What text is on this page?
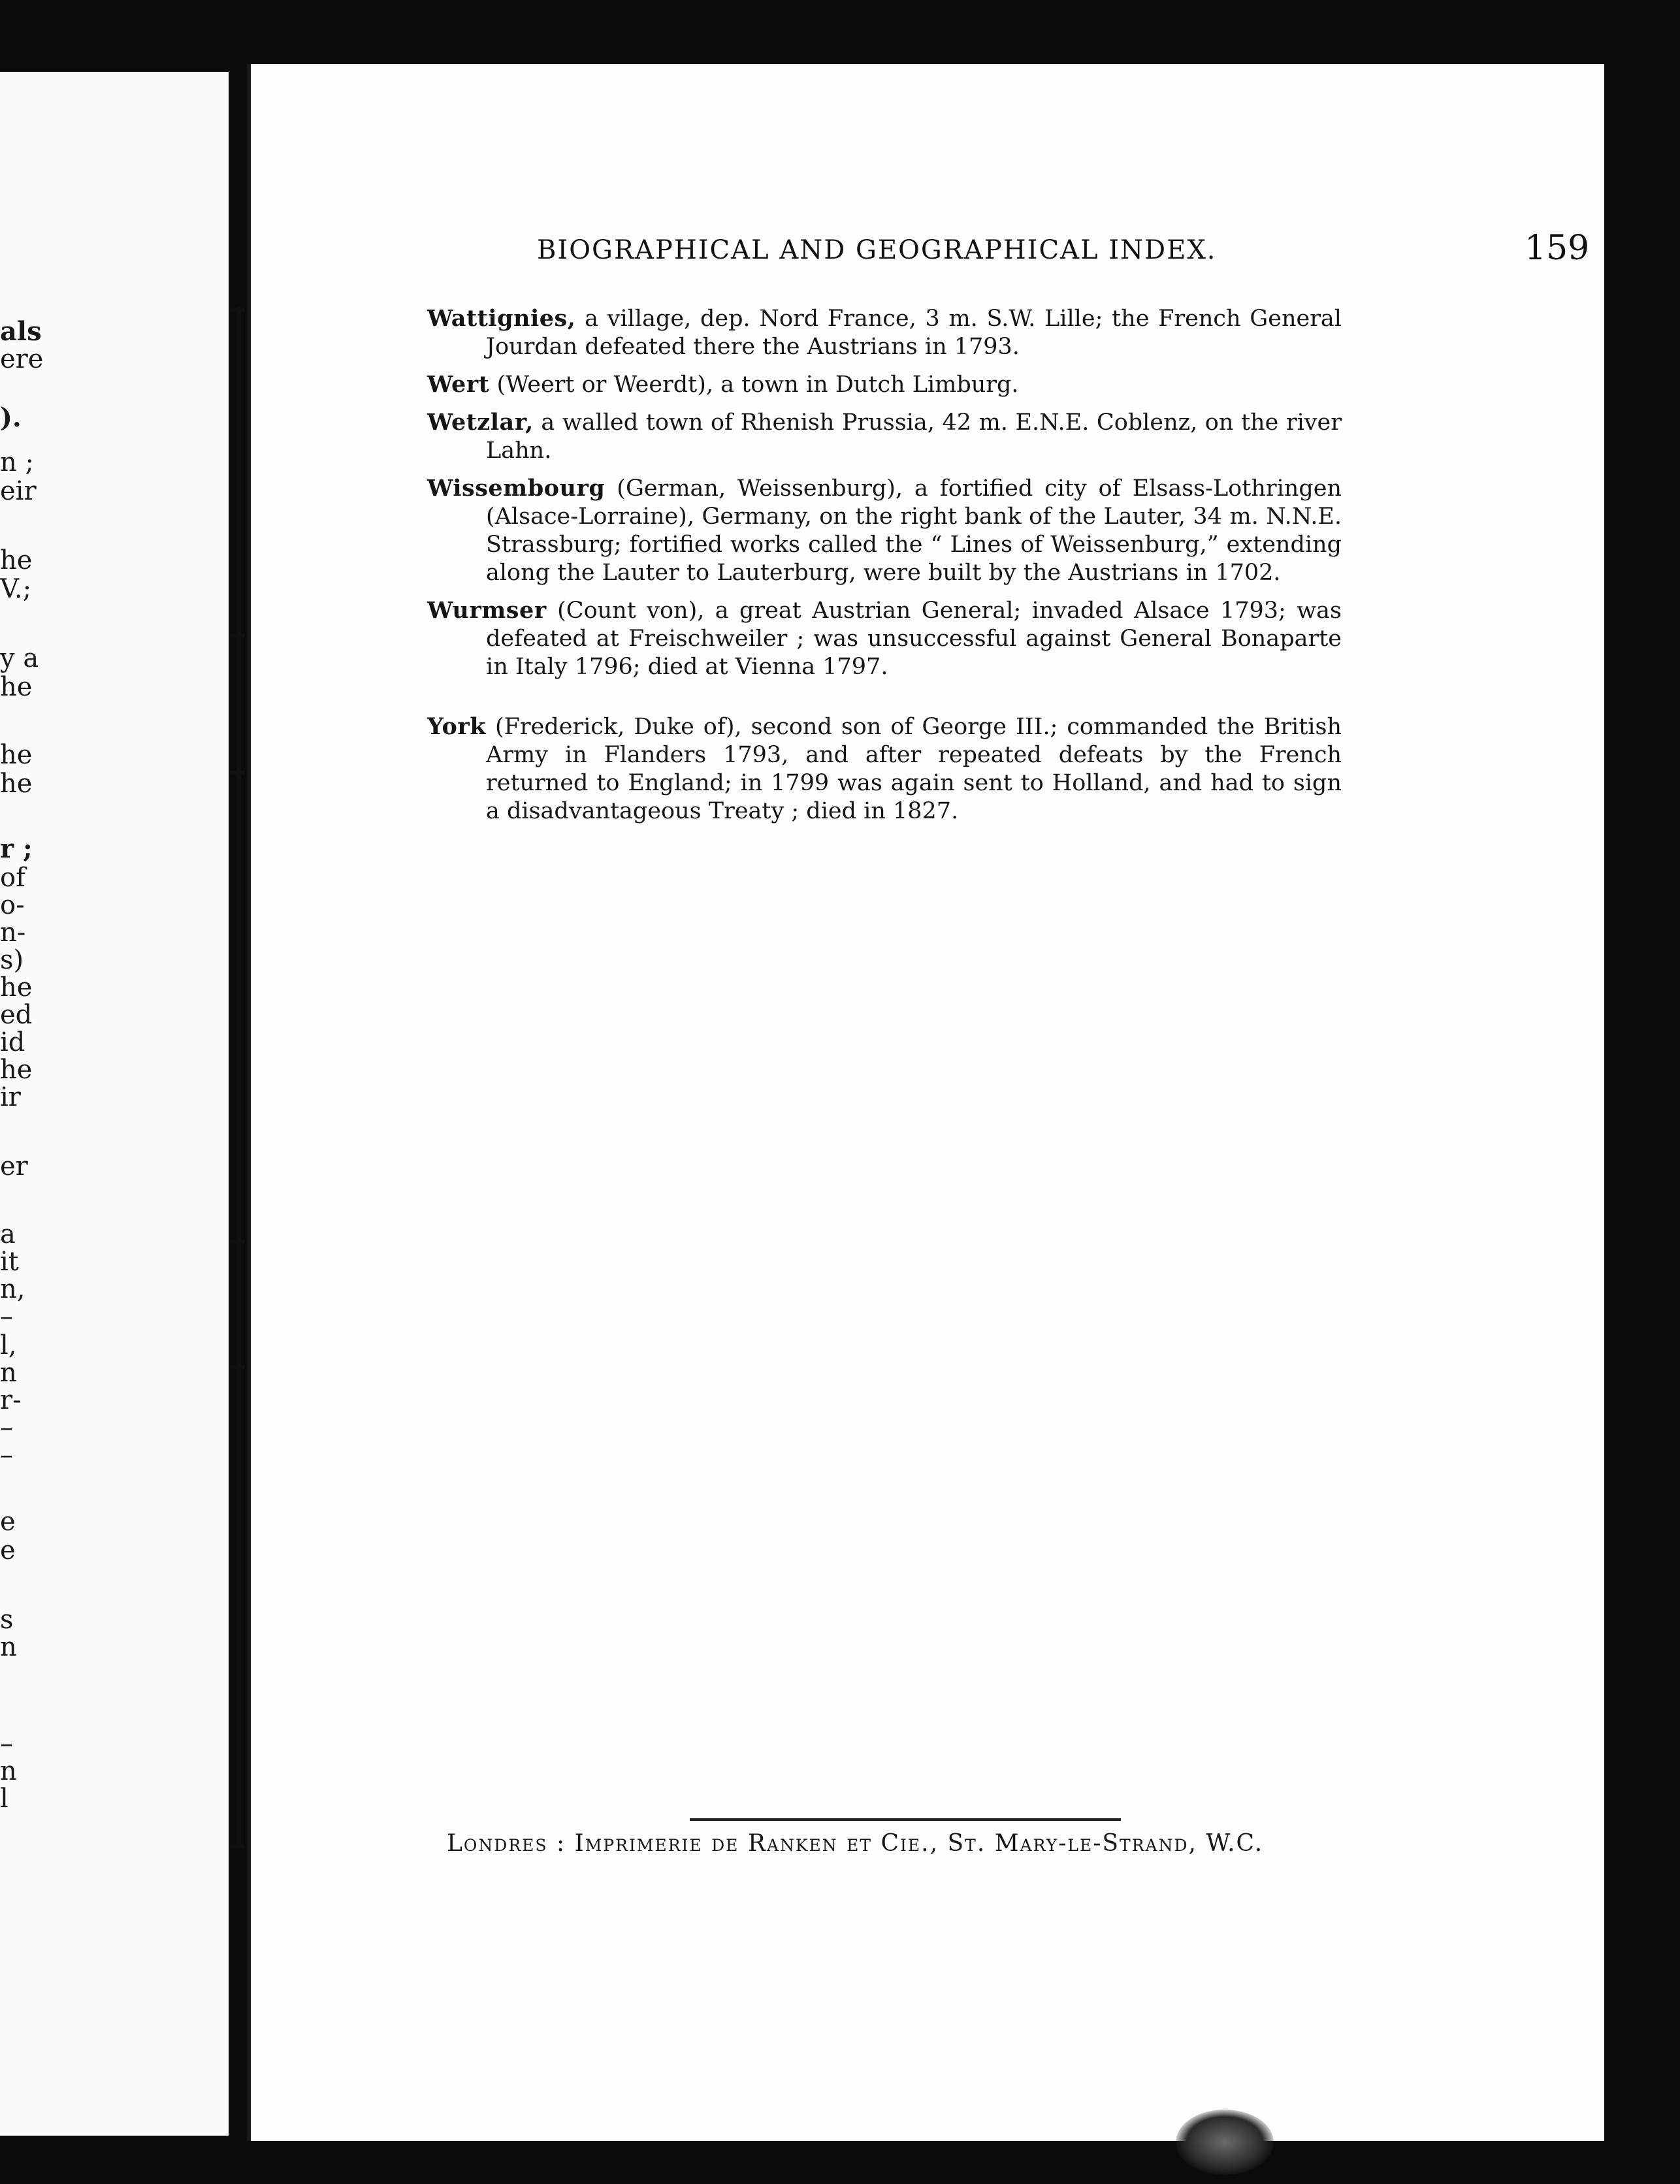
als
ere
).
n ;
eir
he
V.;
y a
he
he
he
r ;
of
o-
n-
s)
he
ed
id
he
ir
er
a
it
n,
–
l,
n
r-
–
–
e
e
s
n
–
n
l
BIOGRAPHICAL AND GEOGRAPHICAL INDEX.	159

Wattignies, a village, dep. Nord France, 3 m. S.W. Lille; the French General Jourdan defeated there the Austrians in 1793.

Wert (Weert or Weerdt), a town in Dutch Limburg.

Wetzlar, a walled town of Rhenish Prussia, 42 m. E.N.E. Coblenz, on the river Lahn.

Wissembourg (German, Weissenburg), a fortified city of Elsass-Lothringen (Alsace-Lorraine), Germany, on the right bank of the Lauter, 34 m. N.N.E. Strassburg; fortified works called the “ Lines of Weissenburg,” extending along the Lauter to Lauterburg, were built by the Austrians in 1702.

Wurmser (Count von), a great Austrian General; invaded Alsace 1793; was defeated at Freischweiler ; was unsuccessful against General Bonaparte in Italy 1796; died at Vienna 1797.

York (Frederick, Duke of), second son of George III.; commanded the British Army in Flanders 1793, and after repeated defeats by the French returned to England; in 1799 was again sent to Holland, and had to sign a disadvantageous Treaty ; died in 1827.

Londres : Imprimerie de Ranken et Cie., St. Mary-le-Strand, W.C.
